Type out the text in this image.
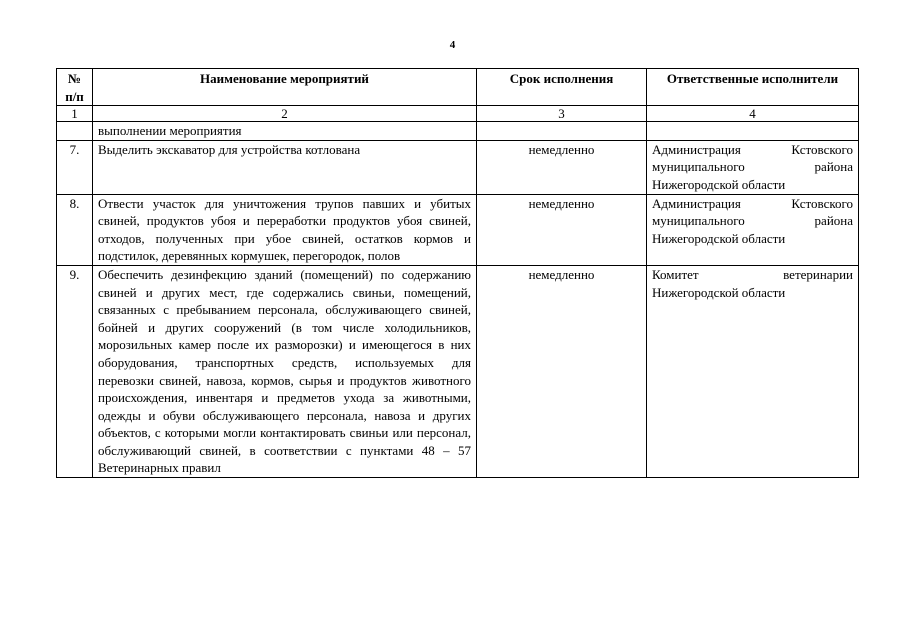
4
№ п/п	Наименование мероприятий	Срок исполнения	Ответственные исполнители
1	2	3	4
	выполнении мероприятия		
7.	Выделить экскаватор для устройства котлована	немедленно	Администрация Кстовского муниципального района Нижегородской области

8.	Отвести участок для уничтожения трупов павших и убитых свиней, продуктов убоя и переработки продуктов убоя свиней, отходов, полученных при убое свиней, остатков кормов и подстилок, деревянных кормушек, перегородок, полов	немедленно	Администрация Кстовского муниципального района Нижегородской области

9.	Обеспечить дезинфекцию зданий (помещений) по содержанию свиней и других мест, где содержались свиньи, помещений, связанных с пребыванием персонала, обслуживающего свиней, бойней и других сооружений (в том числе холодильников, морозильных камер после их разморозки) и имеющегося в них оборудования, транспортных средств, используемых для перевозки свиней, навоза, кормов, сырья и продуктов животного происхождения, инвентаря и предметов ухода за животными, одежды и обуви обслуживающего персонала, навоза и других объектов, с которыми могли контактировать свиньи или персонал, обслуживающий свиней, в соответствии с пунктами 48 – 57 Ветеринарных правил	немедленно	Комитет ветеринарии Нижегородской области
